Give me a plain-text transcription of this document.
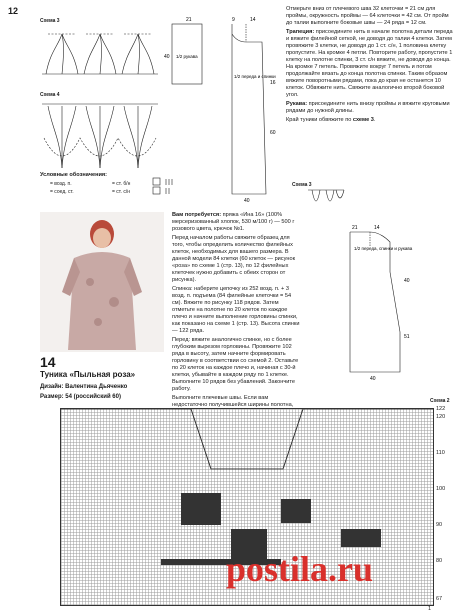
12
Схема 3
Схема 4
Условные обозначения:
= возд. п.	= ст. б/н
= соед. ст.	= ст. с/н
21	9	14
40
16
60
40
1/2 рукава
1/2 переда и спинки

Отмерьте вниз от плечевого шва 32 клеточки = 21 см для проймы, окружность проймы — 64 клеточки = 42 см. От пройм до талии выполните боковые швы — 24 ряда = 12 см.

Трапеция: присоедините нить в начале полотна детали переда и вяжите филейной сеткой, не доводя до талии 4 клетки. Затем провяжите 3 клетки, не доводя до 1 ст. с/н, 1 половина клетку пропустите. На кромке 4 петли. Повторите работу, пропустите 1 клетку на полотне спинки, 3 ст. с/н вяжите, не доводя до конца. На кромке 7 петель. Провяжите вокруг 7 петель и потом продолжайте вязать до конца полотна спинки. Таким образом вяжите поворотными рядами, пока до края не останется 10 клеток. Обвяжите нить. Свяжите аналогично второй боковой угол.

Рукава: присоедините нить внизу проймы и вяжите круговыми рядами до нужной длины.

Край туники обвяжите по схеме 3.

Схема 3
21	14
51
40
40
1/2 переда, спинки и рукава
14
Туника «Пыльная роза»
Дизайн: Валентина Дьяченко
Размер: 54 (российский 60)

Вам потребуется: пряжа «Ина 16» (100% мерсеризованный хлопок, 530 м/100 г) — 500 г розового цвета, крючок №1.

Перед началом работы свяжите образец для того, чтобы определить количество филейных клеток, необходимых для вашего размера. В данной модели 84 клетки (60 клеток — рисунок «роза» по схеме 1 (стр. 13), по 12 филейных клеточек нужно добавить с обеих сторон от рисунка).

Спинка: наберите цепочку из 252 возд. п. + 3 возд. п. подъема (84 филейные клеточки = 54 см). Вяжите по рисунку 118 рядов. Затем отметьте на полотне по 20 клеток по каждое плечо и начните выполнение горловины спинки, как показано на схеме 1 (стр. 13). Высота спинки — 122 ряда.

Перед: вяжите аналогично спинке, но с более глубоким вырезом горловины. Провяжите 102 ряда в высоту, затем начните формировать горловину в соответствии со схемой 2. Оставьте по 20 клеток на каждое плечо и, начиная с 30-й клетки, убывайте в каждом ряду по 1 клетке. Выполните 10 рядов без убавлений. Закончите работу.

Выполните плечевые швы. Если вам недостаточно получившейся ширины полотна,

Схема 2
122
120
110
100
90
80
67
1
postila.ru
